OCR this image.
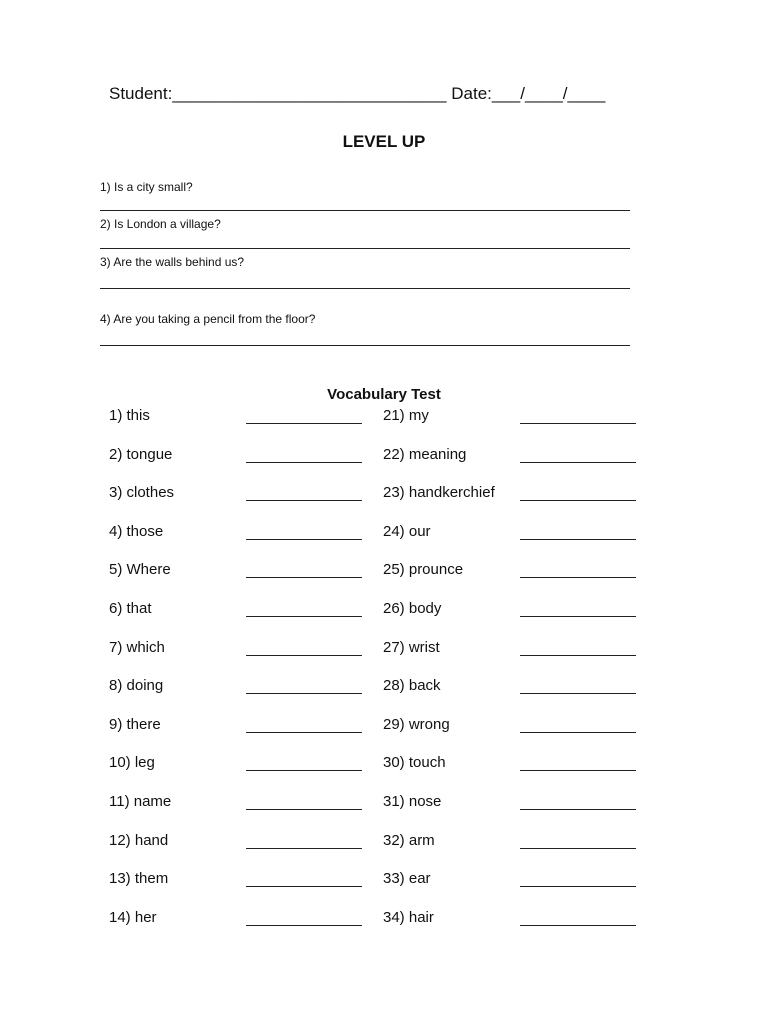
Student:_____________________________ Date:___/____/____
LEVEL UP
1) Is a city small?
2) Is London a village?
3) Are the walls behind us?
4) Are you taking a pencil from the floor?
Vocabulary Test
1) this	21) my
2) tongue	22) meaning
3) clothes	23) handkerchief
4) those	24) our
5) Where	25) prounce
6) that	26) body
7) which	27) wrist
8) doing	28) back
9) there	29) wrong
10) leg	30) touch
11) name	31) nose
12) hand	32) arm
13) them	33) ear
14) her	34) hair
